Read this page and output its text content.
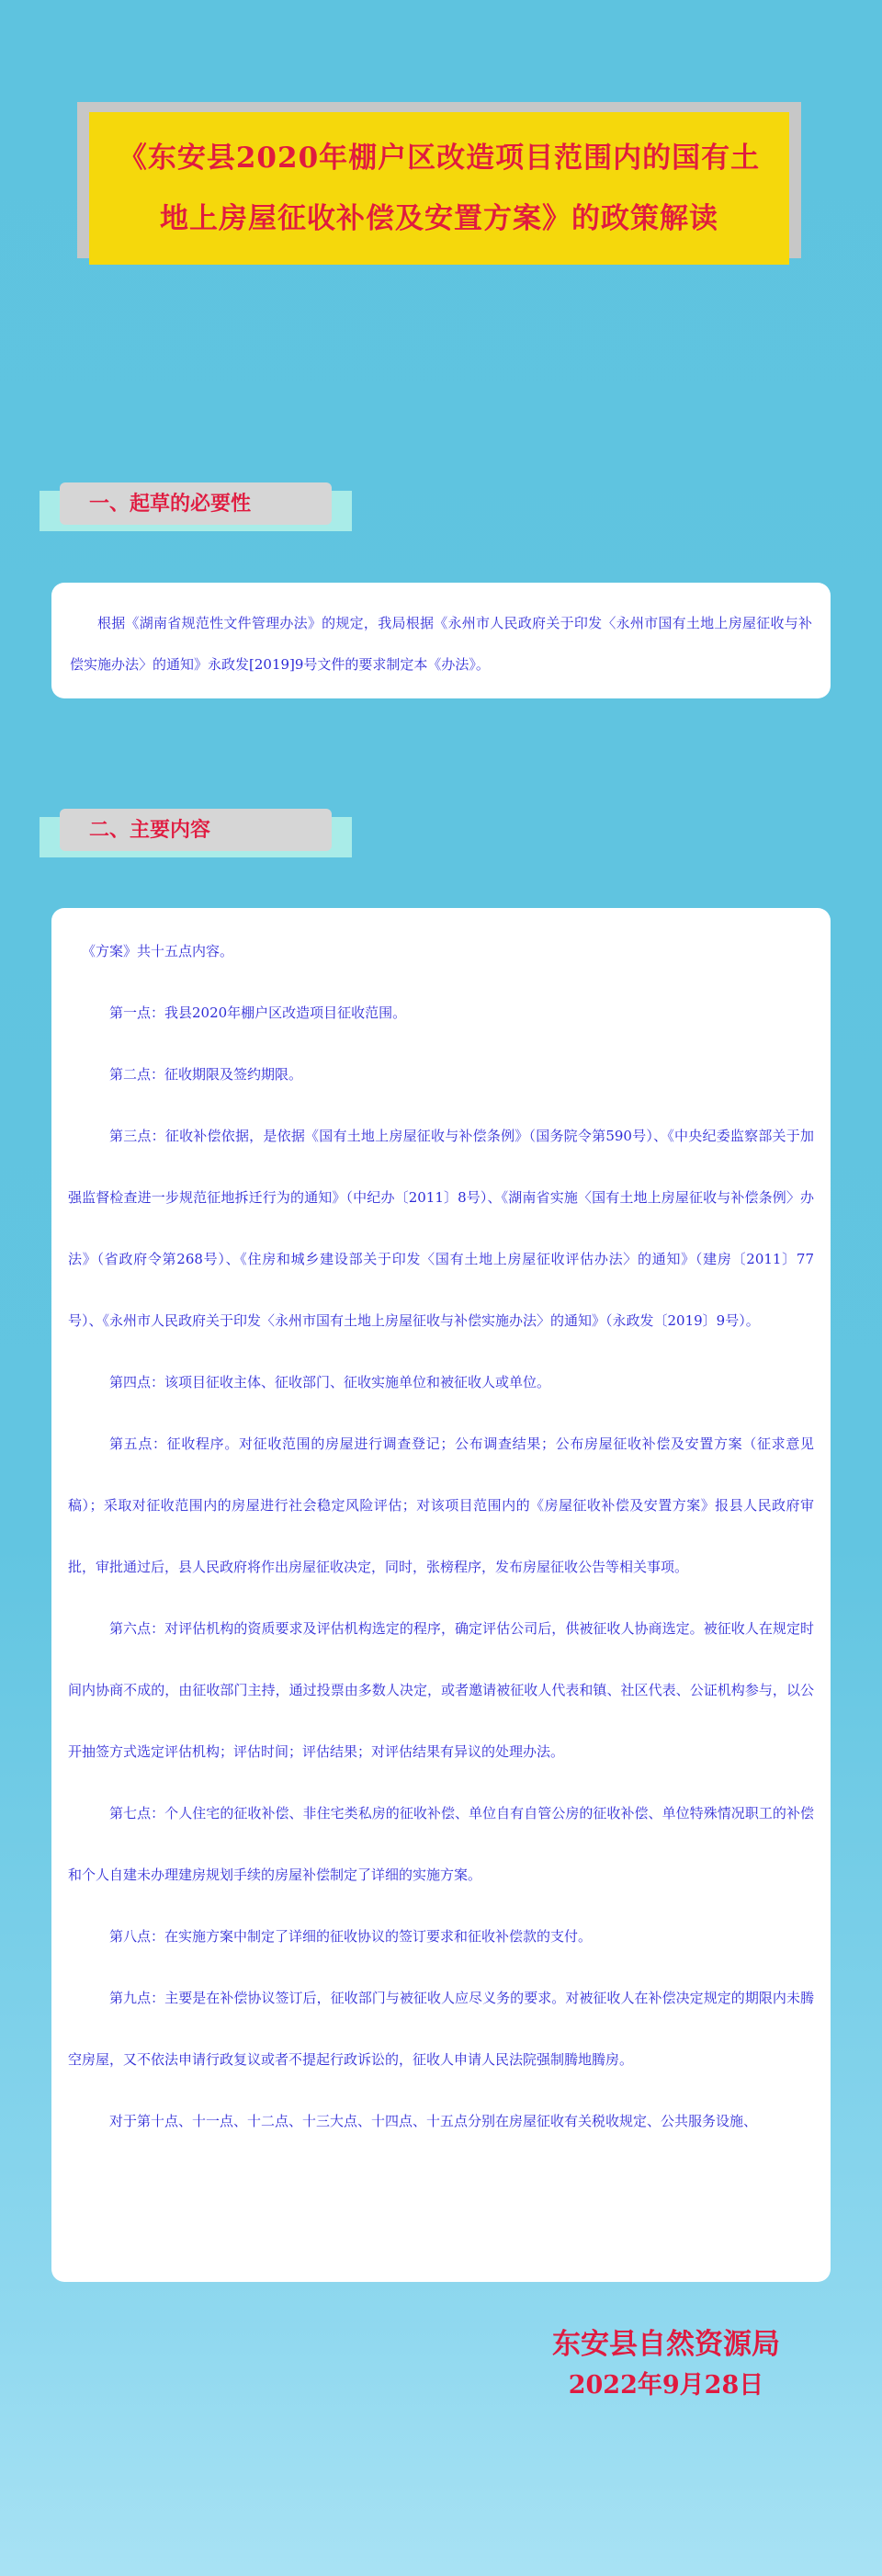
《东安县2020年棚户区改造项目范围内的国有土地上房屋征收补偿及安置方案》的政策解读
一、起草的必要性

根据《湖南省规范性文件管理办法》的规定，我局根据《永州市人民政府关于印发〈永州市国有土地上房屋征收与补偿实施办法〉的通知》永政发[2019]9号文件的要求制定本《办法》。

二、主要内容

《方案》共十五点内容。

第一点：我县2020年棚户区改造项目征收范围。

第二点：征收期限及签约期限。

第三点：征收补偿依据，是依据《国有土地上房屋征收与补偿条例》（国务院令第590号）、《中央纪委监察部关于加强监督检查进一步规范征地拆迁行为的通知》（中纪办〔2011〕8号）、《湖南省实施〈国有土地上房屋征收与补偿条例〉办法》（省政府令第268号）、《住房和城乡建设部关于印发〈国有土地上房屋征收评估办法〉的通知》（建房〔2011〕77号）、《永州市人民政府关于印发〈永州市国有土地上房屋征收与补偿实施办法〉的通知》（永政发〔2019〕9号）。

第四点：该项目征收主体、征收部门、征收实施单位和被征收人或单位。

第五点：征收程序。对征收范围的房屋进行调查登记；公布调查结果；公布房屋征收补偿及安置方案（征求意见稿）；采取对征收范围内的房屋进行社会稳定风险评估；对该项目范围内的《房屋征收补偿及安置方案》报县人民政府审批，审批通过后，县人民政府将作出房屋征收决定，同时，张榜程序，发布房屋征收公告等相关事项。

第六点：对评估机构的资质要求及评估机构选定的程序，确定评估公司后，供被征收人协商选定。被征收人在规定时间内协商不成的，由征收部门主持，通过投票由多数人决定，或者邀请被征收人代表和镇、社区代表、公证机构参与，以公开抽签方式选定评估机构；评估时间；评估结果；对评估结果有异议的处理办法。

第七点：个人住宅的征收补偿、非住宅类私房的征收补偿、单位自有自管公房的征收补偿、单位特殊情况职工的补偿和个人自建未办理建房规划手续的房屋补偿制定了详细的实施方案。

第八点：在实施方案中制定了详细的征收协议的签订要求和征收补偿款的支付。

第九点：主要是在补偿协议签订后，征收部门与被征收人应尽义务的要求。对被征收人在补偿决定规定的期限内未腾空房屋，又不依法申请行政复议或者不提起行政诉讼的，征收人申请人民法院强制腾地腾房。

对于第十点、十一点、十二点、十三大点、十四点、十五点分别在房屋征收有关税收规定、公共服务设施、

东安县自然资源局
2022年9月28日
